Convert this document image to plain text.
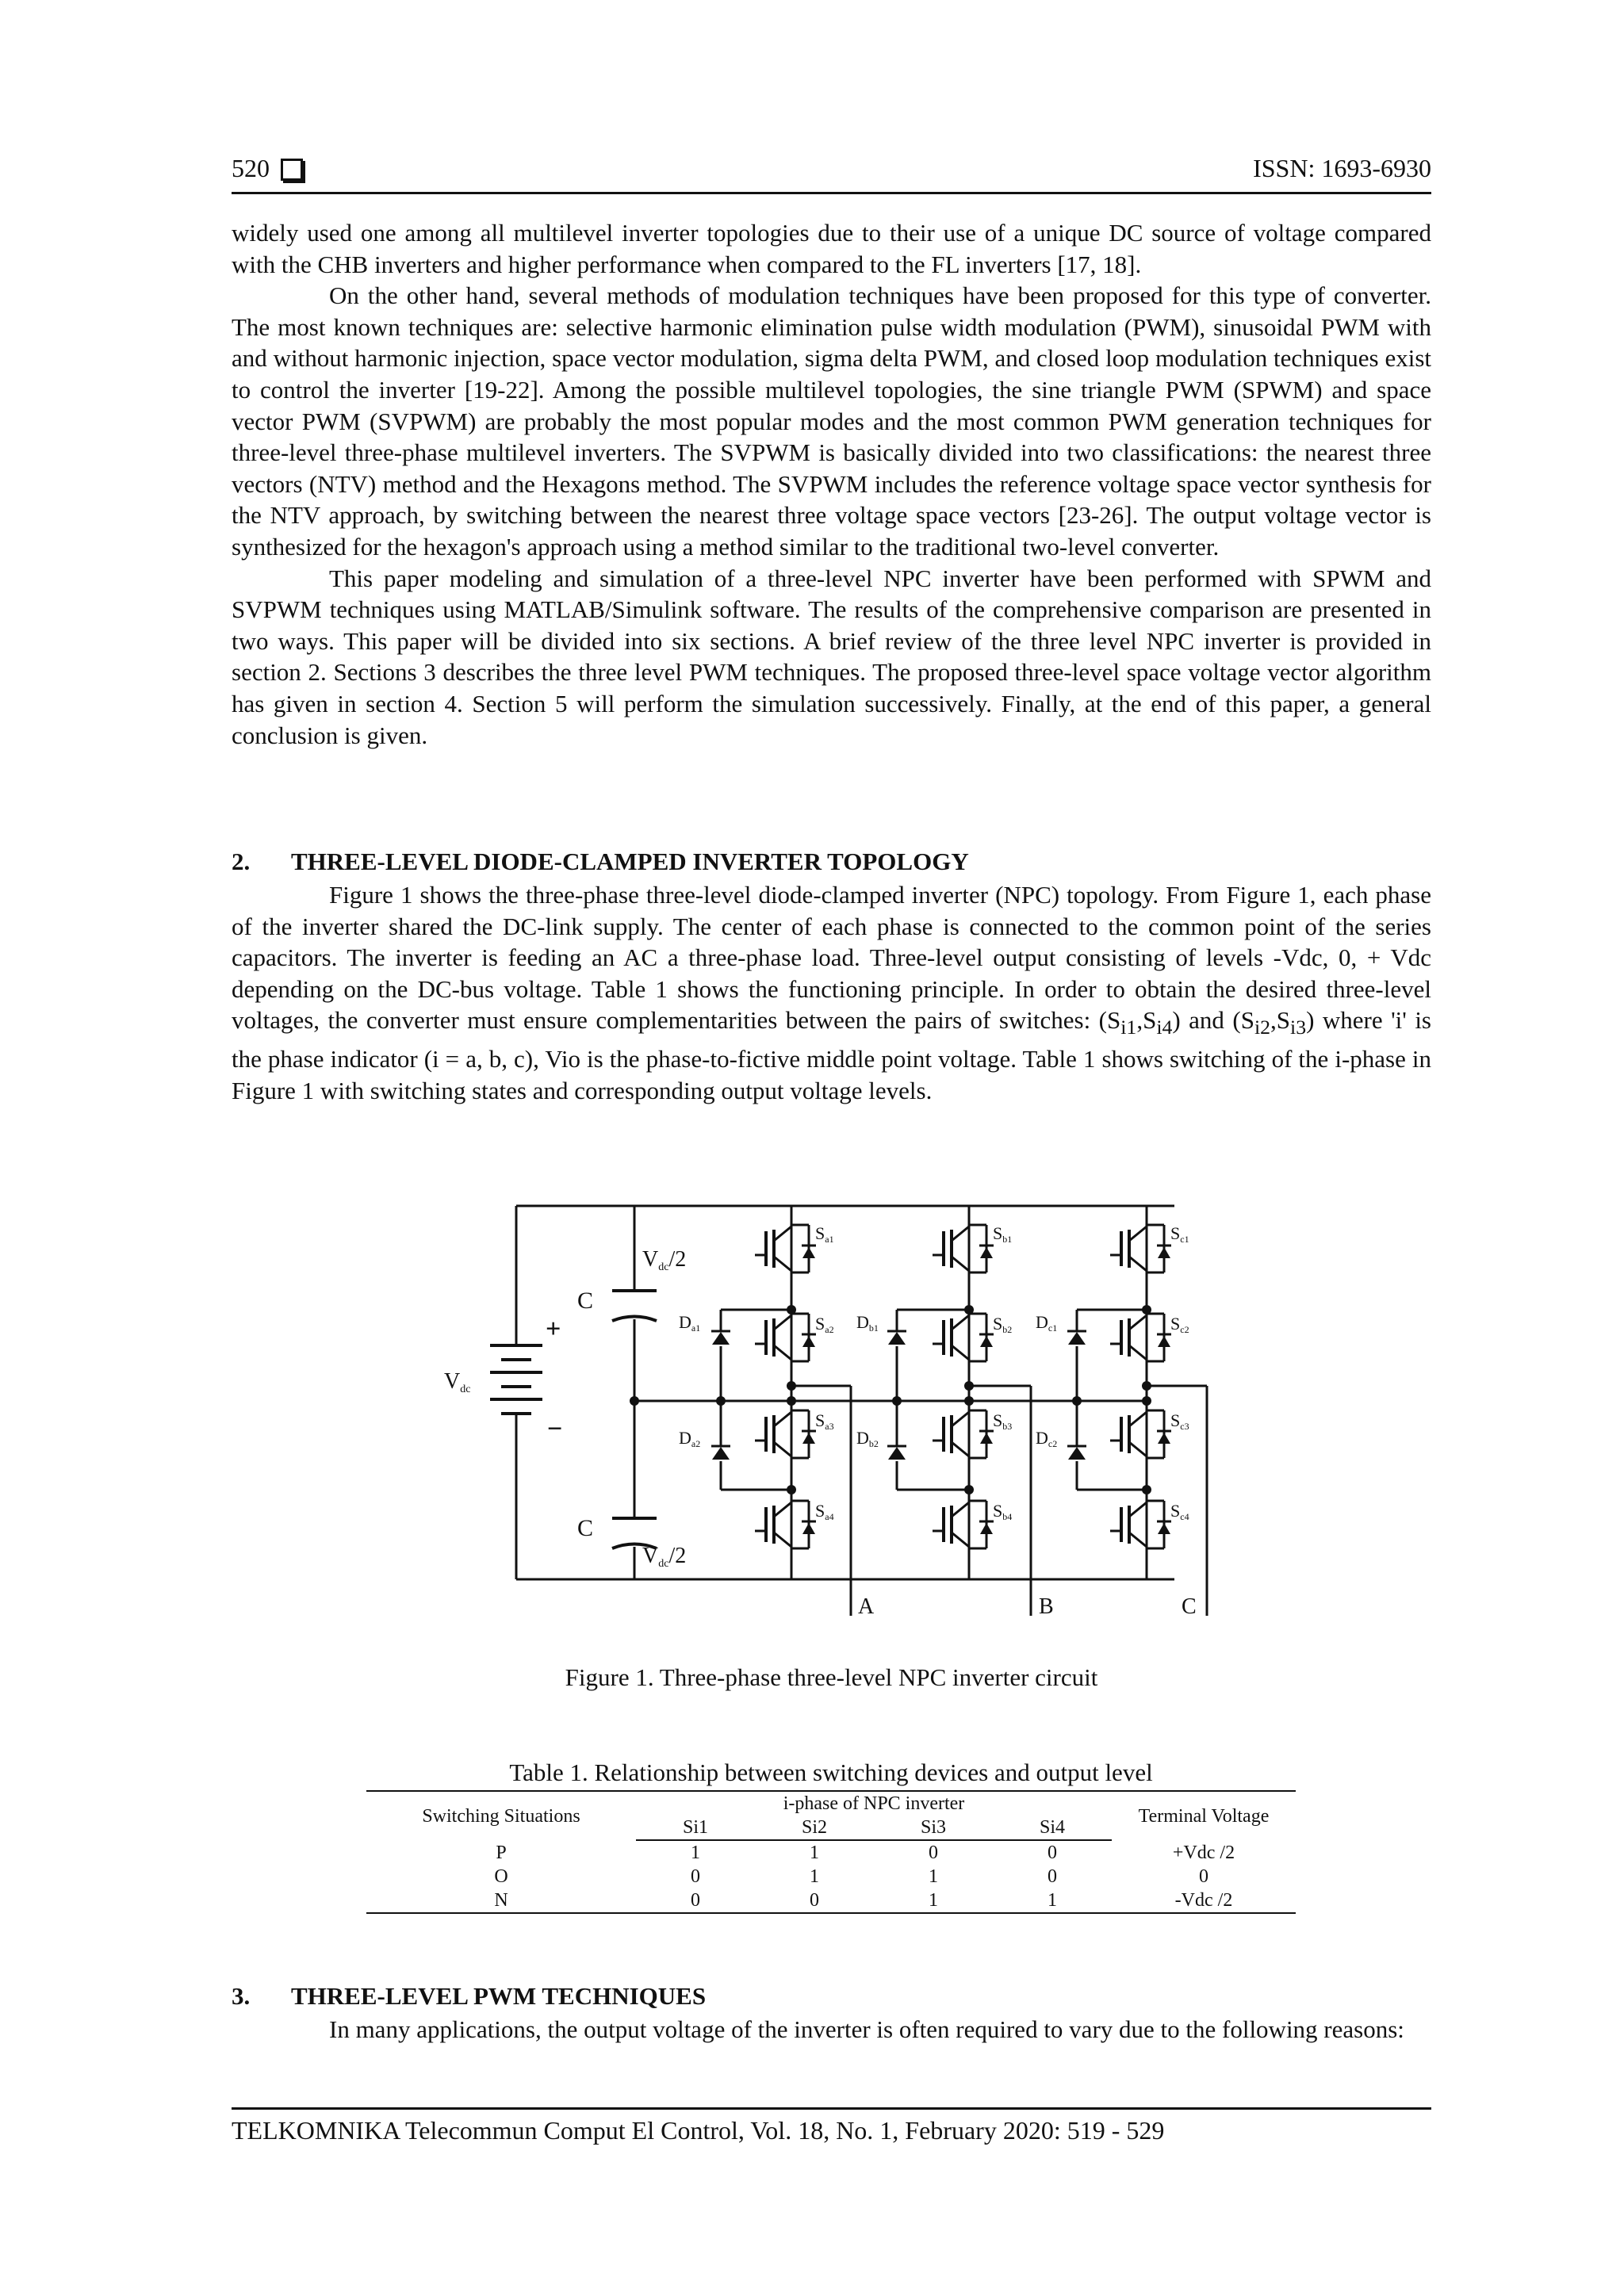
520	ISSN: 1693-6930

widely used one among all multilevel inverter topologies due to their use of a unique DC source of voltage compared with the CHB inverters and higher performance when compared to the FL inverters [17, 18].

On the other hand, several methods of modulation techniques have been proposed for this type of converter. The most known techniques are: selective harmonic elimination pulse width modulation (PWM), sinusoidal PWM with and without harmonic injection, space vector modulation, sigma delta PWM, and closed loop modulation techniques exist to control the inverter [19-22]. Among the possible multilevel topologies, the sine triangle PWM (SPWM) and space vector PWM (SVPWM) are probably the most popular modes and the most common PWM generation techniques for three-level three-phase multilevel inverters. The SVPWM is basically divided into two classifications: the nearest three vectors (NTV) method and the Hexagons method. The SVPWM includes the reference voltage space vector synthesis for the NTV approach, by switching between the nearest three voltage space vectors [23-26]. The output voltage vector is synthesized for the hexagon's approach using a method similar to the traditional two-level converter.

This paper modeling and simulation of a three-level NPC inverter have been performed with SPWM and SVPWM techniques using MATLAB/Simulink software. The results of the comprehensive comparison are presented in two ways. This paper will be divided into six sections. A brief review of the three level NPC inverter is provided in section 2. Sections 3 describes the three level PWM techniques. The proposed three-level space voltage vector algorithm has given in section 4. Section 5 will perform the simulation successively. Finally, at the end of this paper, a general conclusion is given.

2. THREE-LEVEL DIODE-CLAMPED INVERTER TOPOLOGY

Figure 1 shows the three-phase three-level diode-clamped inverter (NPC) topology. From Figure 1, each phase of the inverter shared the DC-link supply. The center of each phase is connected to the common point of the series capacitors. The inverter is feeding an AC a three-phase load. Three-level output consisting of levels -Vdc, 0, + Vdc depending on the DC-bus voltage. Table 1 shows the functioning principle. In order to obtain the desired three-level voltages, the converter must ensure complementarities between the pairs of switches: $(S_{i1},S_{i4})$ and $(S_{i2},S_{i3})$ where 'i' is the phase indicator (i = a, b, c), Vio is the phase-to-fictive middle point voltage. Table 1 shows switching of the i-phase in Figure 1 with switching states and corresponding output voltage levels.

Vdc
+
−
C
C
Vdc/2
Vdc/2
Sa1
Sa2
Sa3
Sa4
Sb1
Sb2
Sb3
Sb4
Sc1
Sc2
Sc3
Sc4
Da1
Da2
Db1
Db2
Dc1
Dc2
A	B	C
Figure 1. Three-phase three-level NPC inverter circuit
Table 1. Relationship between switching devices and output level
Switching Situations	i-phase of NPC inverter				Terminal Voltage
	Si1	Si2	Si3	Si4	
P	1	1	0	0	+Vdc /2
O	0	1	1	0	0
N	0	0	1	1	-Vdc /2
3. THREE-LEVEL PWM TECHNIQUES

In many applications, the output voltage of the inverter is often required to vary due to the following reasons:

TELKOMNIKA Telecommun Comput El Control, Vol. 18, No. 1, February 2020: 519 - 529
